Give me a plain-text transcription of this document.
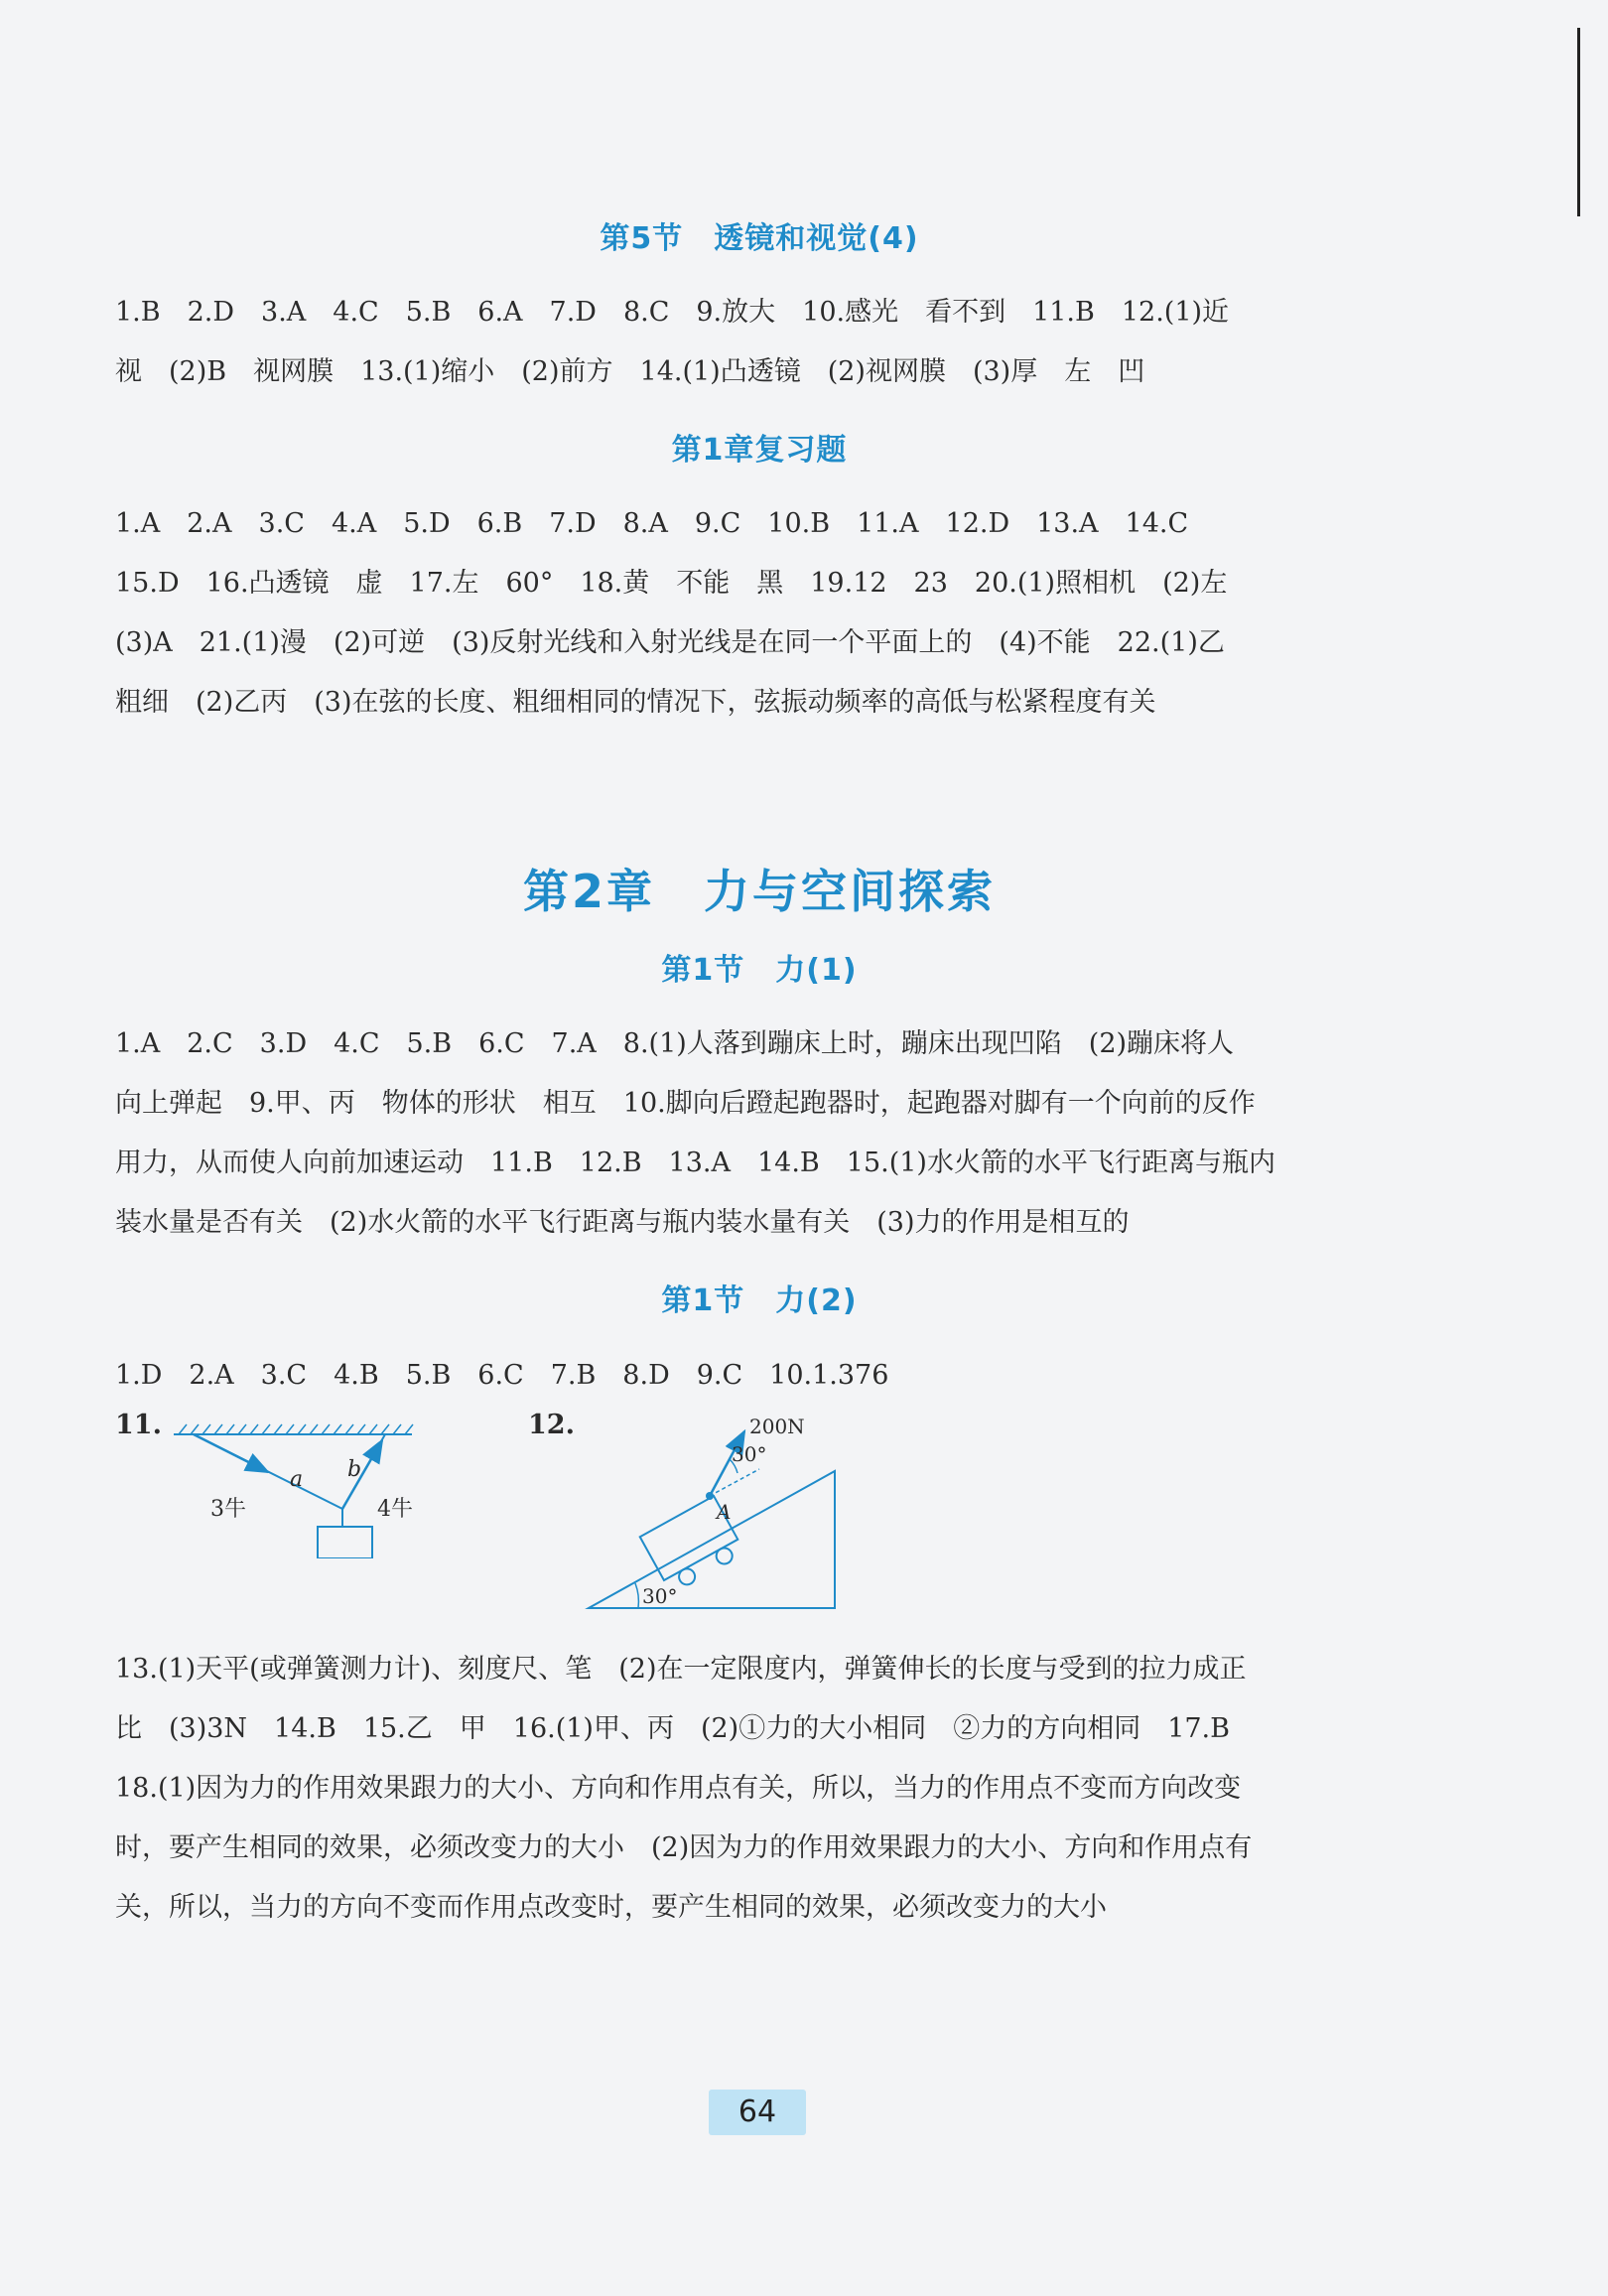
第5节　透镜和视觉(4)
1.B　2.D　3.A　4.C　5.B　6.A　7.D　8.C　9.放大　10.感光　看不到　11.B　12.(1)近
视　(2)B　视网膜　13.(1)缩小　(2)前方　14.(1)凸透镜　(2)视网膜　(3)厚　左　凹
第1章复习题
1.A　2.A　3.C　4.A　5.D　6.B　7.D　8.A　9.C　10.B　11.A　12.D　13.A　14.C
15.D　16.凸透镜　虚　17.左　60°　18.黄　不能　黑　19.12　23　20.(1)照相机　(2)左
(3)A　21.(1)漫　(2)可逆　(3)反射光线和入射光线是在同一个平面上的　(4)不能　22.(1)乙
粗细　(2)乙丙　(3)在弦的长度、粗细相同的情况下，弦振动频率的高低与松紧程度有关
第2章　力与空间探索
第1节　力(1)
1.A　2.C　3.D　4.C　5.B　6.C　7.A　8.(1)人落到蹦床上时，蹦床出现凹陷　(2)蹦床将人
向上弹起　9.甲、丙　物体的形状　相互　10.脚向后蹬起跑器时，起跑器对脚有一个向前的反作
用力，从而使人向前加速运动　11.B　12.B　13.A　14.B　15.(1)水火箭的水平飞行距离与瓶内
装水量是否有关　(2)水火箭的水平飞行距离与瓶内装水量有关　(3)力的作用是相互的
第1节　力(2)
1.D　2.A　3.C　4.B　5.B　6.C　7.B　8.D　9.C　10.1.376
11.
a b
3牛	4牛
12.
30°
200N
30°
A
13.(1)天平(或弹簧测力计)、刻度尺、笔　(2)在一定限度内，弹簧伸长的长度与受到的拉力成正
比　(3)3N　14.B　15.乙　甲　16.(1)甲、丙　(2)①力的大小相同　②力的方向相同　17.B
18.(1)因为力的作用效果跟力的大小、方向和作用点有关，所以，当力的作用点不变而方向改变
时，要产生相同的效果，必须改变力的大小　(2)因为力的作用效果跟力的大小、方向和作用点有
关，所以，当力的方向不变而作用点改变时，要产生相同的效果，必须改变力的大小
64
